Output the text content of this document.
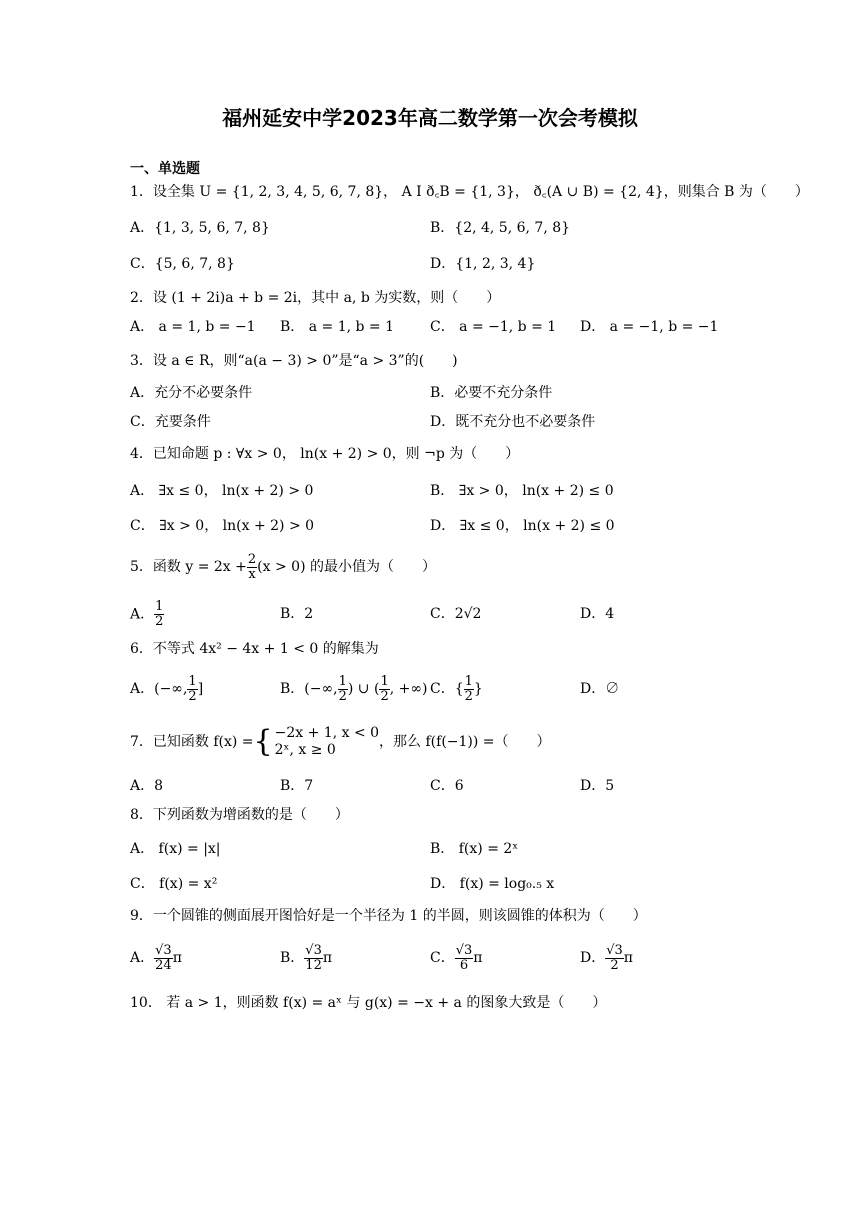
福州延安中学2023年高二数学第一次会考模拟
一、单选题
1．设全集 U = {1, 2, 3, 4, 5, 6, 7, 8}， A Ⅰ ð꜀B = {1, 3}， ð꜀(A ∪ B) = {2, 4}，则集合 B 为（　　）
A．{1, 3, 5, 6, 7, 8}	B．{2, 4, 5, 6, 7, 8}
C．{5, 6, 7, 8}	D．{1, 2, 3, 4}
2．设 (1 + 2i)a + b = 2i，其中 a, b 为实数，则（　　）
A． a = 1, b = −1 B． a = 1, b = 1	C． a = −1, b = 1 D． a = −1, b = −1
3．设 a ∈ R，则“a(a − 3) > 0”是“a > 3”的(　　)
A．充分不必要条件	B．必要不充分条件
C．充要条件	D．既不充分也不必要条件
4．已知命题 p : ∀x > 0， ln(x + 2) > 0，则 ¬p 为（　　）
A． ∃x ≤ 0， ln(x + 2) > 0	B． ∃x > 0， ln(x + 2) ≤ 0
C． ∃x > 0， ln(x + 2) > 0	D． ∃x ≤ 0， ln(x + 2) ≤ 0
5．函数 $y = 2x + \frac{2}{x} (x > 0)$ 的最小值为（　　）
A． $\frac{1}{2}$	B．2	C．2√2	D．4
6．不等式 4x² − 4x + 1 < 0 的解集为
A．(−∞, $\frac{1}{2}$ ]	B．(−∞, $\frac{1}{2}$ ) ∪ ( $\frac{1}{2}$ , +∞) C．{ $\frac{1}{2}$ }	D．∅
7．已知函数 f(x) ={ −2x + 1, x < 0
2ˣ, x ≥ 0	，那么 f(f(−1)) =（　　）
A．8	B．7	C．6	D．5
8．下列函数为增函数的是（　　）
A． f(x) = |x|	B． f(x) = 2ˣ
C． f(x) = x²	D． f(x) = log₀.₅ x
9．一个圆锥的侧面展开图恰好是一个半径为 1 的半圆，则该圆锥的体积为（　　）
A． $\frac{√3}{24}$ π	B． $\frac{√3}{12}$ π	C． $\frac{√3}{6}$ π	D． $\frac{√3}{2}$ π
10． 若 a > 1，则函数 f(x) = aˣ 与 g(x) = −x + a 的图象大致是（　　）
